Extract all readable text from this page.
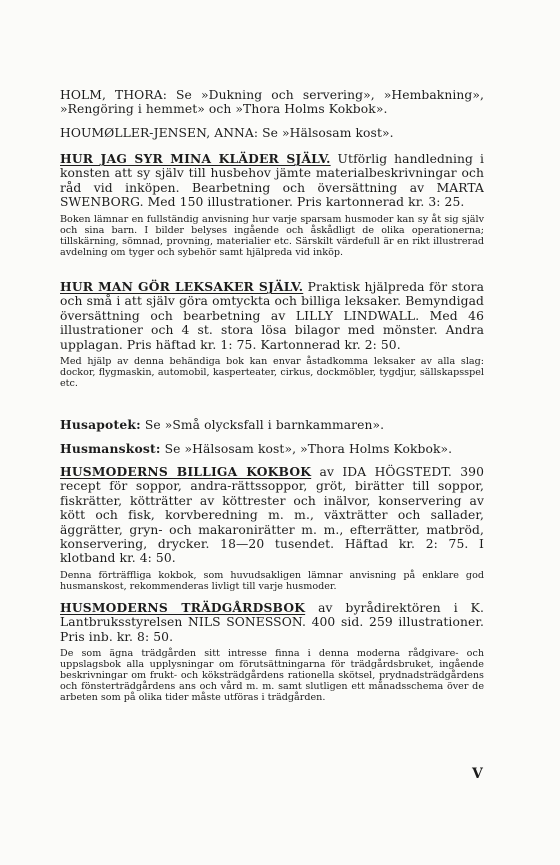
HOLM, THORA: Se »Dukning och servering», »Hembakning», »Rengöring i hemmet» och »Thora Holms Kokbok».

HOUMØLLER-JENSEN, ANNA: Se »Hälsosam kost».

HUR JAG SYR MINA KLÄDER SJÄLV. Utförlig handledning i konsten att sy själv till husbehov jämte materialbeskrivningar och råd vid inköpen. Bearbetning och översättning av MARTA SWENBORG. Med 150 illustrationer. Pris kartonnerad kr. 3: 25.

Boken lämnar en fullständig anvisning hur varje sparsam husmoder kan sy åt sig själv och sina barn. I bilder belyses ingående och åskådligt de olika operationerna; tillskärning, sömnad, provning, materialier etc. Särskilt värdefull är en rikt illustrerad avdelning om tyger och sybehör samt hjälpreda vid inköp.

HUR MAN GÖR LEKSAKER SJÄLV. Praktisk hjälpreda för stora och små i att själv göra omtyckta och billiga leksaker. Bemyndigad översättning och bearbetning av LILLY LINDWALL. Med 46 illustrationer och 4 st. stora lösa bilagor med mönster. Andra upplagan. Pris häftad kr. 1: 75. Kartonnerad kr. 2: 50.

Med hjälp av denna behändiga bok kan envar åstadkomma leksaker av alla slag: dockor, flygmaskin, automobil, kasperteater, cirkus, dockmöbler, tygdjur, sällskapsspel etc.

Husapotek: Se »Små olycksfall i barnkammaren».

Husmanskost: Se »Hälsosam kost», »Thora Holms Kokbok».

HUSMODERNS BILLIGA KOKBOK av IDA HÖGSTEDT. 390 recept för soppor, andra-rättssoppor, gröt, birätter till soppor, fiskrätter, kötträtter av köttrester och inälvor, konservering av kött och fisk, korvberedning m. m., växträtter och sallader, äggrätter, gryn- och makaronirätter m. m., efterrätter, matbröd, konservering, drycker. 18—20 tusendet. Häftad kr. 2: 75. I klotband kr. 4: 50.

Denna förträffliga kokbok, som huvudsakligen lämnar anvisning på enklare god husmanskost, rekommenderas livligt till varje husmoder.

HUSMODERNS TRÄDGÅRDSBOK av byrådirektören i K. Lantbruksstyrelsen NILS SONESSON. 400 sid. 259 illustrationer. Pris inb. kr. 8: 50.

De som ägna trädgården sitt intresse finna i denna moderna rådgivare- och uppslagsbok alla upplysningar om förutsättningarna för trädgårdsbruket, ingående beskrivningar om frukt- och köksträdgårdens rationella skötsel, prydnadsträdgårdens och fönsterträdgårdens ans och vård m. m. samt slutligen ett månadsschema över de arbeten som på olika tider måste utföras i trädgården.

V
